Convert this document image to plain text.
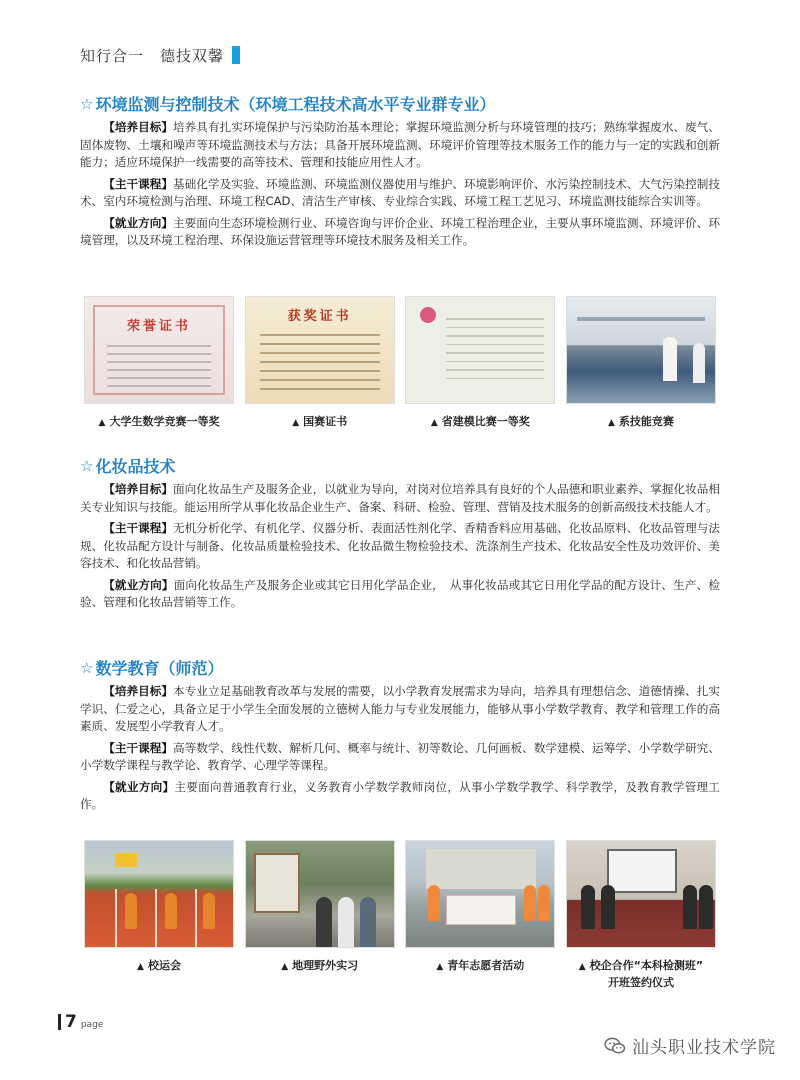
知行合一　德技双馨
☆ 环境监测与控制技术（环境工程技术高水平专业群专业）

【培养目标】培养具有扎实环境保护与污染防治基本理论；掌握环境监测分析与环境管理的技巧；熟练掌握废水、废气、固体废物、土壤和噪声等环境监测技术与方法；具备开展环境监测、环境评价管理等技术服务工作的能力与一定的实践和创新能力；适应环境保护一线需要的高等技术、管理和技能应用性人才。

【主干课程】基础化学及实验、环境监测、环境监测仪器使用与维护、环境影响评价、水污染控制技术、大气污染控制技术、室内环境检测与治理、环境工程CAD、清洁生产审核、专业综合实践、环境工程工艺见习、环境监测技能综合实训等。

【就业方向】主要面向生态环境检测行业、环境咨询与评价企业、环境工程治理企业，主要从事环境监测、环境评价、环境管理，以及环境工程治理、环保设施运营管理等环境技术服务及相关工作。

荣誉证书
▲ 大学生数学竞赛一等奖
获奖证书
▲ 国赛证书	▲ 省建模比赛一等奖	▲ 系技能竞赛
☆ 化妆品技术

【培养目标】面向化妆品生产及服务企业，以就业为导向，对岗对位培养具有良好的个人品德和职业素养、掌握化妆品相关专业知识与技能。能运用所学从事化妆品企业生产、备案、科研、检验、管理、营销及技术服务的创新高级技术技能人才。

【主干课程】无机分析化学、有机化学、仪器分析、表面活性剂化学、香精香料应用基础、化妆品原料、化妆品管理与法规、化妆品配方设计与制备、化妆品质量检验技术、化妆品微生物检验技术、洗涤剂生产技术、化妆品安全性及功效评价、美容技术、和化妆品营销。

【就业方向】面向化妆品生产及服务企业或其它日用化学品企业，　从事化妆品或其它日用化学品的配方设计、生产、检验、管理和化妆品营销等工作。

☆ 数学教育（师范）

【培养目标】本专业立足基础教育改革与发展的需要，以小学教育发展需求为导向，培养具有理想信念、道德情操、扎实学识、仁爱之心，具备立足于小学生全面发展的立德树人能力与专业发展能力，能够从事小学数学教育、教学和管理工作的高素质、发展型小学教育人才。

【主干课程】高等数学、线性代数、解析几何、概率与统计、初等数论、几何画板、数学建模、运筹学、小学数学研究、小学数学课程与教学论、教育学、心理学等课程。

【就业方向】主要面向普通教育行业，义务教育小学数学教师岗位，从事小学数学教学、科学教学，及教育教学管理工作。

▲ 校运会	▲ 地理野外实习	▲ 青年志愿者活动	▲ 校企合作“本科检测班”
开班签约仪式
7 page
汕头职业技术学院
